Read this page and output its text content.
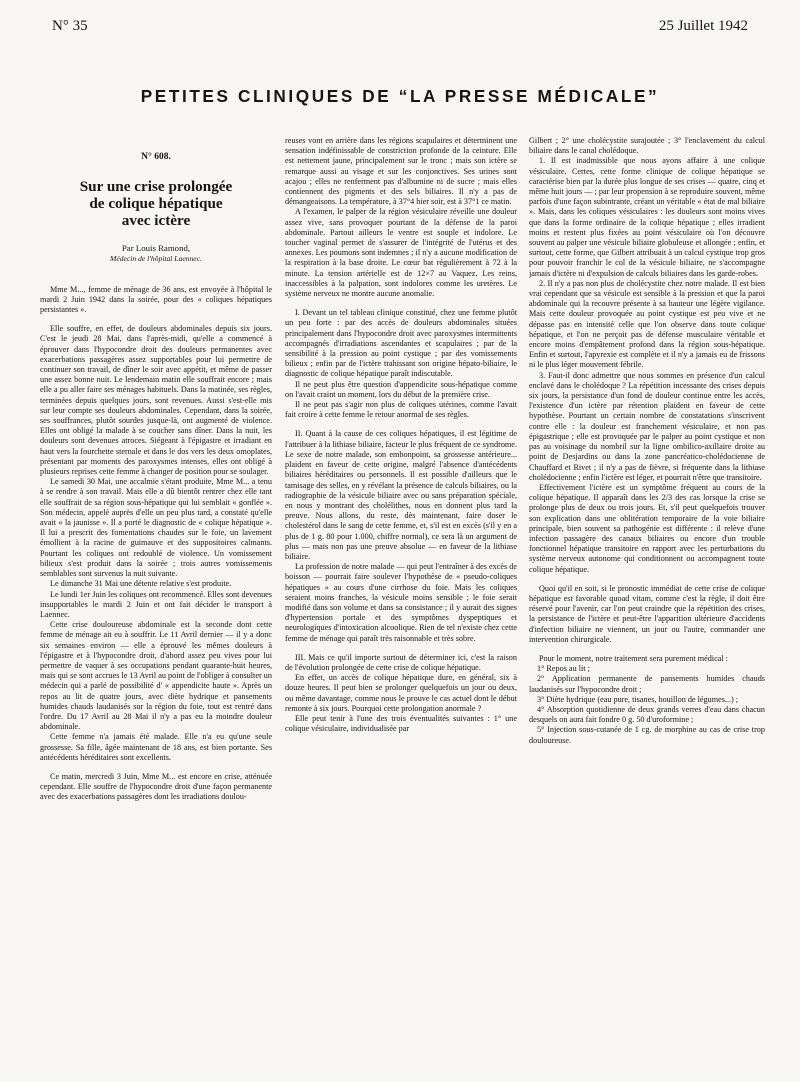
N° 35	25 Juillet 1942
PETITES CLINIQUES DE “LA PRESSE MÉDICALE”
N° 608.
Sur une crise prolongée
de colique hépatique
avec ictère
Par Louis Ramond,
Médecin de l'hôpital Laennec.

Mme M..., femme de ménage de 36 ans, est envoyée à l'hôpital le mardi 2 Juin 1942 dans la soirée, pour des « coliques hépatiques persistantes ».

Elle souffre, en effet, de douleurs abdominales depuis six jours. C'est le jeudi 28 Mai, dans l'après-midi, qu'elle a commencé à éprouver dans l'hypocondre droit des douleurs permanentes avec exacerbations passagères assez supportables pour lui permettre de continuer son travail, de dîner le soir avec appétit, et même de passer une assez bonne nuit. Le lendemain matin elle souffrait encore ; mais elle a pu aller faire ses ménages habituels. Dans la matinée, ses règles, terminées depuis quelques jours, sont revenues. Aussi s'est-elle mis sur leur compte ses douleurs abdominales. Cependant, dans la soirée, ses souffrances, plutôt sourdes jusque-là, ont augmenté de violence. Elles ont obligé la malade à se coucher sans dîner. Dans la nuit, les douleurs sont devenues atroces. Siégeant à l'épigastre et irradiant en haut vers la fourchette sternale et dans le dos vers les deux omoplates, présentant par moments des paroxysmes intenses, elles ont obligé à plusieurs reprises cette femme à changer de position pour se soulager.

Le samedi 30 Mai, une accalmie s'étant produite, Mme M... a tenu à se rendre à son travail. Mais elle a dû bientôt rentrer chez elle tant elle souffrait de sa région sous-hépatique qui lui semblait « gonflée ». Son médecin, appelé auprès d'elle un peu plus tard, a constaté qu'elle avait « la jaunisse ». Il a porté le diagnostic de « colique hépatique ». Il lui a prescrit des fomentations chaudes sur le foie, un lavement émollient à la racine de guimauve et des suppositoires calmants. Pourtant les coliques ont redoublé de violence. Un vomissement bilieux s'est produit dans la soirée ; trois autres vomissements semblables sont survenus la nuit suivante.

Le dimanche 31 Mai une détente relative s'est produite.

Le lundi 1er Juin les coliques ont recommencé. Elles sont devenues insupportables le mardi 2 Juin et ont fait décider le transport à Laennec.

Cette crise douloureuse abdominale est la seconde dont cette femme de ménage ait eu à souffrir. Le 11 Avril dernier — il y a donc six semaines environ — elle a éprouvé les mêmes douleurs à l'épigastre et à l'hypocondre droit, d'abord assez peu vives pour lui permettre de vaquer à ses occupations pendant quarante-huit heures, mais qui se sont accrues le 13 Avril au point de l'obliger à consulter un médecin qui a parlé de possibilité d' « appendicite haute ». Après un repos au lit de quatre jours, avec diète hydrique et pansements humides chauds laudanisés sur la région du foie, tout est rentré dans l'ordre. Du 17 Avril au 28 Mai il n'y a pas eu la moindre douleur abdominale.

Cette femme n'a jamais été malade. Elle n'a eu qu'une seule grossesse. Sa fille, âgée maintenant de 18 ans, est bien portante. Ses antécédents héréditaires sont excellents.

Ce matin, mercredi 3 Juin, Mme M... est encore en crise, atténuée cependant. Elle souffre de l'hypocondre droit d'une façon permanente avec des exacerbations passagères dont les irradiations doulou-

reuses vont en arrière dans les régions scapulaires et déterminent une sensation indéfinissable de constriction profonde de la ceinture. Elle est nettement jaune, principalement sur le tronc ; mais son ictère se remarque aussi au visage et sur les conjonctives. Ses urines sont acajou ; elles ne renferment pas d'albumine ni de sucre ; mais elles contiennent des pigments et des sels biliaires. Il n'y a pas de démangeaisons. La température, à 37°4 hier soir, est à 37°1 ce matin.

A l'examen, le palper de la région vésiculaire réveille une douleur assez vive, sans provoquer pourtant de la défense de la paroi abdominale. Partout ailleurs le ventre est souple et indolore. Le toucher vaginal permet de s'assurer de l'intégrité de l'utérus et des annexes. Les poumons sont indemnes ; il n'y a aucune modification de la respiration à la base droite. Le cœur bat régulièrement à 72 à la minute. La tension artérielle est de 12×7 au Vaquez. Les reins, inaccessibles à la palpation, sont indolores comme les uretères. Le système nerveux ne montre aucune anomalie.

I. Devant un tel tableau clinique constitué, chez une femme plutôt un peu forte : par des accès de douleurs abdominales situées principalement dans l'hypocondre droit avec paroxysmes intermittents accompagnés d'irradiations ascendantes et scapulaires ; par de la sensibilité à la pression au point cystique ; par des vomissements bilieux ; enfin par de l'ictère trahissant son origine hépato-biliaire, le diagnostic de colique hépatique paraît indiscutable.

Il ne peut plus être question d'appendicite sous-hépatique comme on l'avait craint un moment, lors du début de la première crise.

Il ne peut pas s'agir non plus de coliques utérines, comme l'avait fait croire à cette femme le retour anormal de ses règles.

II. Quant à la cause de ces coliques hépatiques, il est légitime de l'attribuer à la lithiase biliaire, facteur le plus fréquent de ce syndrome. Le sexe de notre malade, son embonpoint, sa grossesse antérieure... plaident en faveur de cette origine, malgré l'absence d'antécédents biliaires héréditaires ou personnels. Il est possible d'ailleurs que le tamisage des selles, en y révélant la présence de calculs biliaires, ou la radiographie de la vésicule biliaire avec ou sans préparation spéciale, en nous y montrant des cholélithes, nous en donnent plus tard la preuve. Nous allons, du reste, dès maintenant, faire doser le cholestérol dans le sang de cette femme, et, s'il est en excès (s'il y en a plus de 1 g. 80 pour 1.000, chiffre normal), ce sera là un argument de plus — mais non pas une preuve absolue — en faveur de la lithiase biliaire.

La profession de notre malade — qui peut l'entraîner à des excès de boisson — pourrait faire soulever l'hypothèse de « pseudo-coliques hépatiques » au cours d'une cirrhose du foie. Mais les coliques seraient moins franches, la vésicule moins sensible ; le foie serait modifié dans son volume et dans sa consistance ; il y aurait des signes d'hypertension portale et des symptômes dyspeptiques et neurologiques d'intoxication alcoolique. Rien de tel n'existe chez cette femme de ménage qui paraît très raisonnable et très sobre.

III. Mais ce qu'il importe surtout de déterminer ici, c'est la raison de l'évolution prolongée de cette crise de colique hépatique.

En effet, un accès de colique hépatique dure, en général, six à douze heures. Il peut bien se prolonger quelquefois un jour ou deux, ou même davantage, comme nous le prouve le cas actuel dont le début remonte à six jours. Pourquoi cette prolongation anormale ?

Elle peut tenir à l'une des trois éventualités suivantes : 1° une colique vésiculaire, individualisée par

Gilbert ; 2° une cholécystite surajoutée ; 3° l'enclavement du calcul biliaire dans le canal cholédoque.

1. Il est inadmissible que nous ayons affaire à une colique vésiculaire. Certes, cette forme clinique de colique hépatique se caractérise bien par la durée plus longue de ses crises — quatre, cinq et même huit jours — ; par leur propension à se reproduire souvent, même parfois d'une façon subintrante, créant un véritable « état de mal biliaire ». Mais, dans les coliques vésiculaires : les douleurs sont moins vives que dans la forme ordinaire de la colique hépatique ; elles irradient moins et restent plus fixées au point vésiculaire où l'on découvre souvent au palper une vésicule biliaire globuleuse et allongée ; enfin, et surtout, cette forme, que Gilbert attribuait à un calcul cystique trop gros pour pouvoir franchir le col de la vésicule biliaire, ne s'accompagne jamais d'ictère ni d'expulsion de calculs biliaires dans les garde-robes.

2. Il n'y a pas non plus de cholécystite chez notre malade. Il est bien vrai cependant que sa vésicule est sensible à la pression et que la paroi abdominale qui la recouvre présente à sa hauteur une légère vigilance. Mais cette douleur provoquée au point cystique est peu vive et ne dépasse pas en intensité celle que l'on observe dans toute colique hépatique, et l'on ne perçoit pas de défense musculaire véritable et encore moins d'empâtement profond dans la région sous-hépatique. Enfin et surtout, l'apyrexie est complète et il n'y a jamais eu de frissons ni le plus léger mouvement fébrile.

3. Faut-il donc admettre que nous sommes en présence d'un calcul enclavé dans le cholédoque ? La répétition incessante des crises depuis six jours, la persistance d'un fond de douleur continue entre les accès, l'existence d'un ictère par rétention plaident en faveur de cette hypothèse. Pourtant un certain nombre de constatations s'inscrivent contre elle : la douleur est franchement vésiculaire, et non pas épigastrique ; elle est provoquée par le palper au point cystique et non pas au voisinage du nombril sur la ligne ombilico-axillaire droite au point de Desjardins ou dans la zone pancréatico-cholédocienne de Chauffard et Rivet ; il n'y a pas de fièvre, si fréquente dans la lithiase cholédocienne ; enfin l'ictère est léger, et pourrait n'être que transitoire.

Effectivement l'ictère est un symptôme fréquent au cours de la colique hépatique. Il apparaît dans les 2/3 des cas lorsque la crise se prolonge plus de deux ou trois jours. Et, s'il peut quelquefois trouver son explication dans une oblitération temporaire de la voie biliaire principale, bien souvent sa pathogénie est différente : il relève d'une infection passagère des canaux biliaires ou encore d'un trouble fonctionnel hépatique transitoire en rapport avec les perturbations du système nerveux autonome qui conditionnent ou accompagnent toute colique hépatique.

Quoi qu'il en soit, si le pronostic immédiat de cette crise de colique hépatique est favorable quoad vitam, comme c'est la règle, il doit être réservé pour l'avenir, car l'on peut craindre que la répétition des crises, la persistance de l'ictère et peut-être l'apparition ultérieure d'accidents d'infection biliaire ne viennent, un jour ou l'autre, commander une intervention chirurgicale.

Pour le moment, notre traitement sera purement médical :

1° Repos au lit ;

2° Application permanente de pansements humides chauds laudanisés sur l'hypocondre droit ;

3° Diète hydrique (eau pure, tisanes, bouillon de légumes...) ;

4° Absorption quotidienne de deux grands verres d'eau dans chacun desquels on aura fait fondre 0 g. 50 d'uroformine ;

5° Injection sous-cutanée de 1 cg. de morphine au cas de crise trop douloureuse.
